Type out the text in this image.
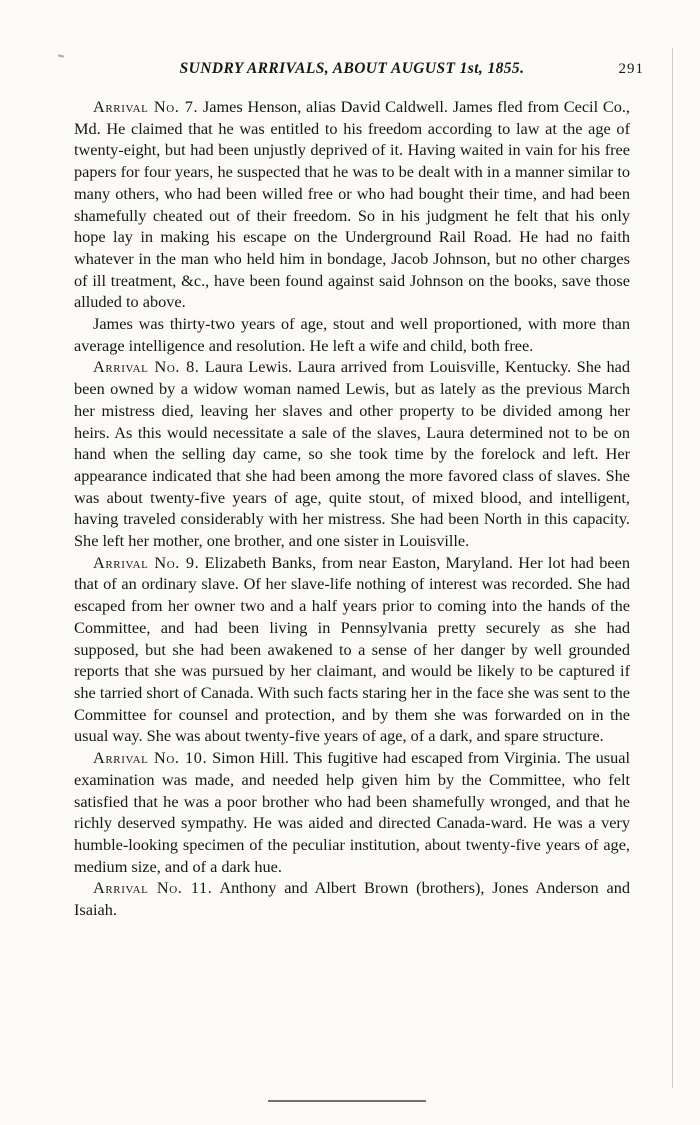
SUNDRY ARRIVALS, ABOUT AUGUST 1st, 1855.	291

Arrival No. 7. James Henson, alias David Caldwell. James fled from Cecil Co., Md. He claimed that he was entitled to his freedom according to law at the age of twenty-eight, but had been unjustly deprived of it. Having waited in vain for his free papers for four years, he suspected that he was to be dealt with in a manner similar to many others, who had been willed free or who had bought their time, and had been shamefully cheated out of their freedom. So in his judgment he felt that his only hope lay in making his escape on the Underground Rail Road. He had no faith whatever in the man who held him in bondage, Jacob Johnson, but no other charges of ill treatment, &c., have been found against said Johnson on the books, save those alluded to above.

James was thirty-two years of age, stout and well proportioned, with more than average intelligence and resolution. He left a wife and child, both free.

Arrival No. 8. Laura Lewis. Laura arrived from Louisville, Kentucky. She had been owned by a widow woman named Lewis, but as lately as the previous March her mistress died, leaving her slaves and other property to be divided among her heirs. As this would necessitate a sale of the slaves, Laura determined not to be on hand when the selling day came, so she took time by the forelock and left. Her appearance indicated that she had been among the more favored class of slaves. She was about twenty-five years of age, quite stout, of mixed blood, and intelligent, having traveled considerably with her mistress. She had been North in this capacity. She left her mother, one brother, and one sister in Louisville.

Arrival No. 9. Elizabeth Banks, from near Easton, Maryland. Her lot had been that of an ordinary slave. Of her slave-life nothing of interest was recorded. She had escaped from her owner two and a half years prior to coming into the hands of the Committee, and had been living in Pennsylvania pretty securely as she had supposed, but she had been awakened to a sense of her danger by well grounded reports that she was pursued by her claimant, and would be likely to be captured if she tarried short of Canada. With such facts staring her in the face she was sent to the Committee for counsel and protection, and by them she was forwarded on in the usual way. She was about twenty-five years of age, of a dark, and spare structure.

Arrival No. 10. Simon Hill. This fugitive had escaped from Virginia. The usual examination was made, and needed help given him by the Committee, who felt satisfied that he was a poor brother who had been shamefully wronged, and that he richly deserved sympathy. He was aided and directed Canada-ward. He was a very humble-looking specimen of the peculiar institution, about twenty-five years of age, medium size, and of a dark hue.

Arrival No. 11. Anthony and Albert Brown (brothers), Jones Anderson and Isaiah.
